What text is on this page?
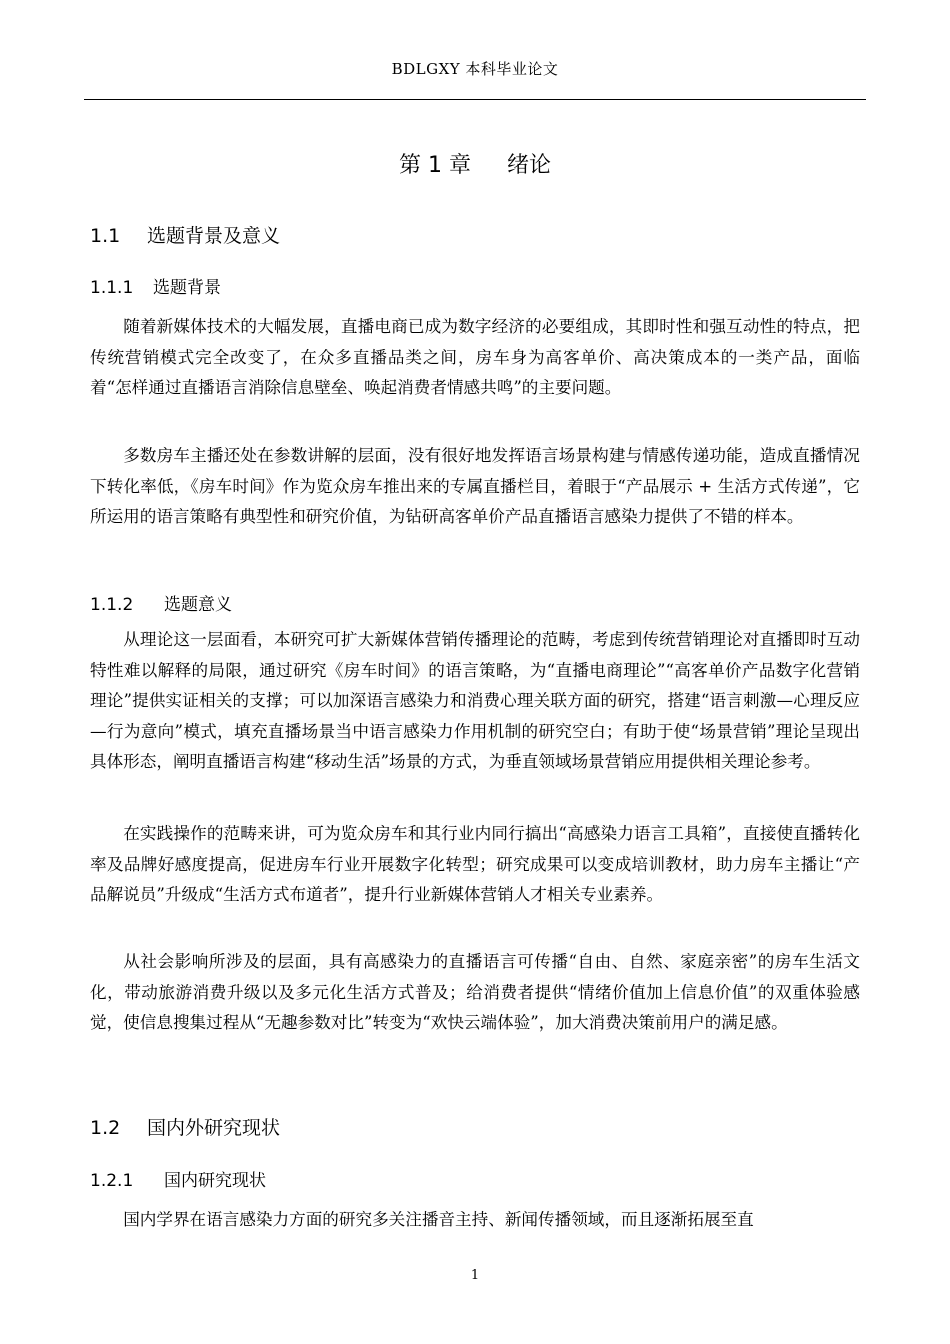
BDLGXY 本科毕业论文
第 1 章 绪论
1.1 选题背景及意义
1.1.1 选题背景

随着新媒体技术的大幅发展，直播电商已成为数字经济的必要组成，其即时性和强互动性的特点，把传统营销模式完全改变了，在众多直播品类之间，房车身为高客单价、高决策成本的一类产品，面临着“怎样通过直播语言消除信息壁垒、唤起消费者情感共鸣”的主要问题。

多数房车主播还处在参数讲解的层面，没有很好地发挥语言场景构建与情感传递功能，造成直播情况下转化率低，《房车时间》作为览众房车推出来的专属直播栏目，着眼于“产品展示 + 生活方式传递”，它所运用的语言策略有典型性和研究价值，为钻研高客单价产品直播语言感染力提供了不错的样本。

1.1.2 选题意义

从理论这一层面看，本研究可扩大新媒体营销传播理论的范畴，考虑到传统营销理论对直播即时互动特性难以解释的局限，通过研究《房车时间》的语言策略，为“直播电商理论”“高客单价产品数字化营销理论”提供实证相关的支撑；可以加深语言感染力和消费心理关联方面的研究，搭建“语言刺激—心理反应—行为意向”模式，填充直播场景当中语言感染力作用机制的研究空白；有助于使“场景营销”理论呈现出具体形态，阐明直播语言构建“移动生活”场景的方式，为垂直领域场景营销应用提供相关理论参考。

在实践操作的范畴来讲，可为览众房车和其行业内同行搞出“高感染力语言工具箱”，直接使直播转化率及品牌好感度提高，促进房车行业开展数字化转型；研究成果可以变成培训教材，助力房车主播让“产品解说员”升级成“生活方式布道者”，提升行业新媒体营销人才相关专业素养。

从社会影响所涉及的层面，具有高感染力的直播语言可传播“自由、自然、家庭亲密”的房车生活文化，带动旅游消费升级以及多元化生活方式普及；给消费者提供“情绪价值加上信息价值”的双重体验感觉，使信息搜集过程从“无趣参数对比”转变为“欢快云端体验”，加大消费决策前用户的满足感。

1.2 国内外研究现状
1.2.1 国内研究现状

国内学界在语言感染力方面的研究多关注播音主持、新闻传播领域，而且逐渐拓展至直

1
